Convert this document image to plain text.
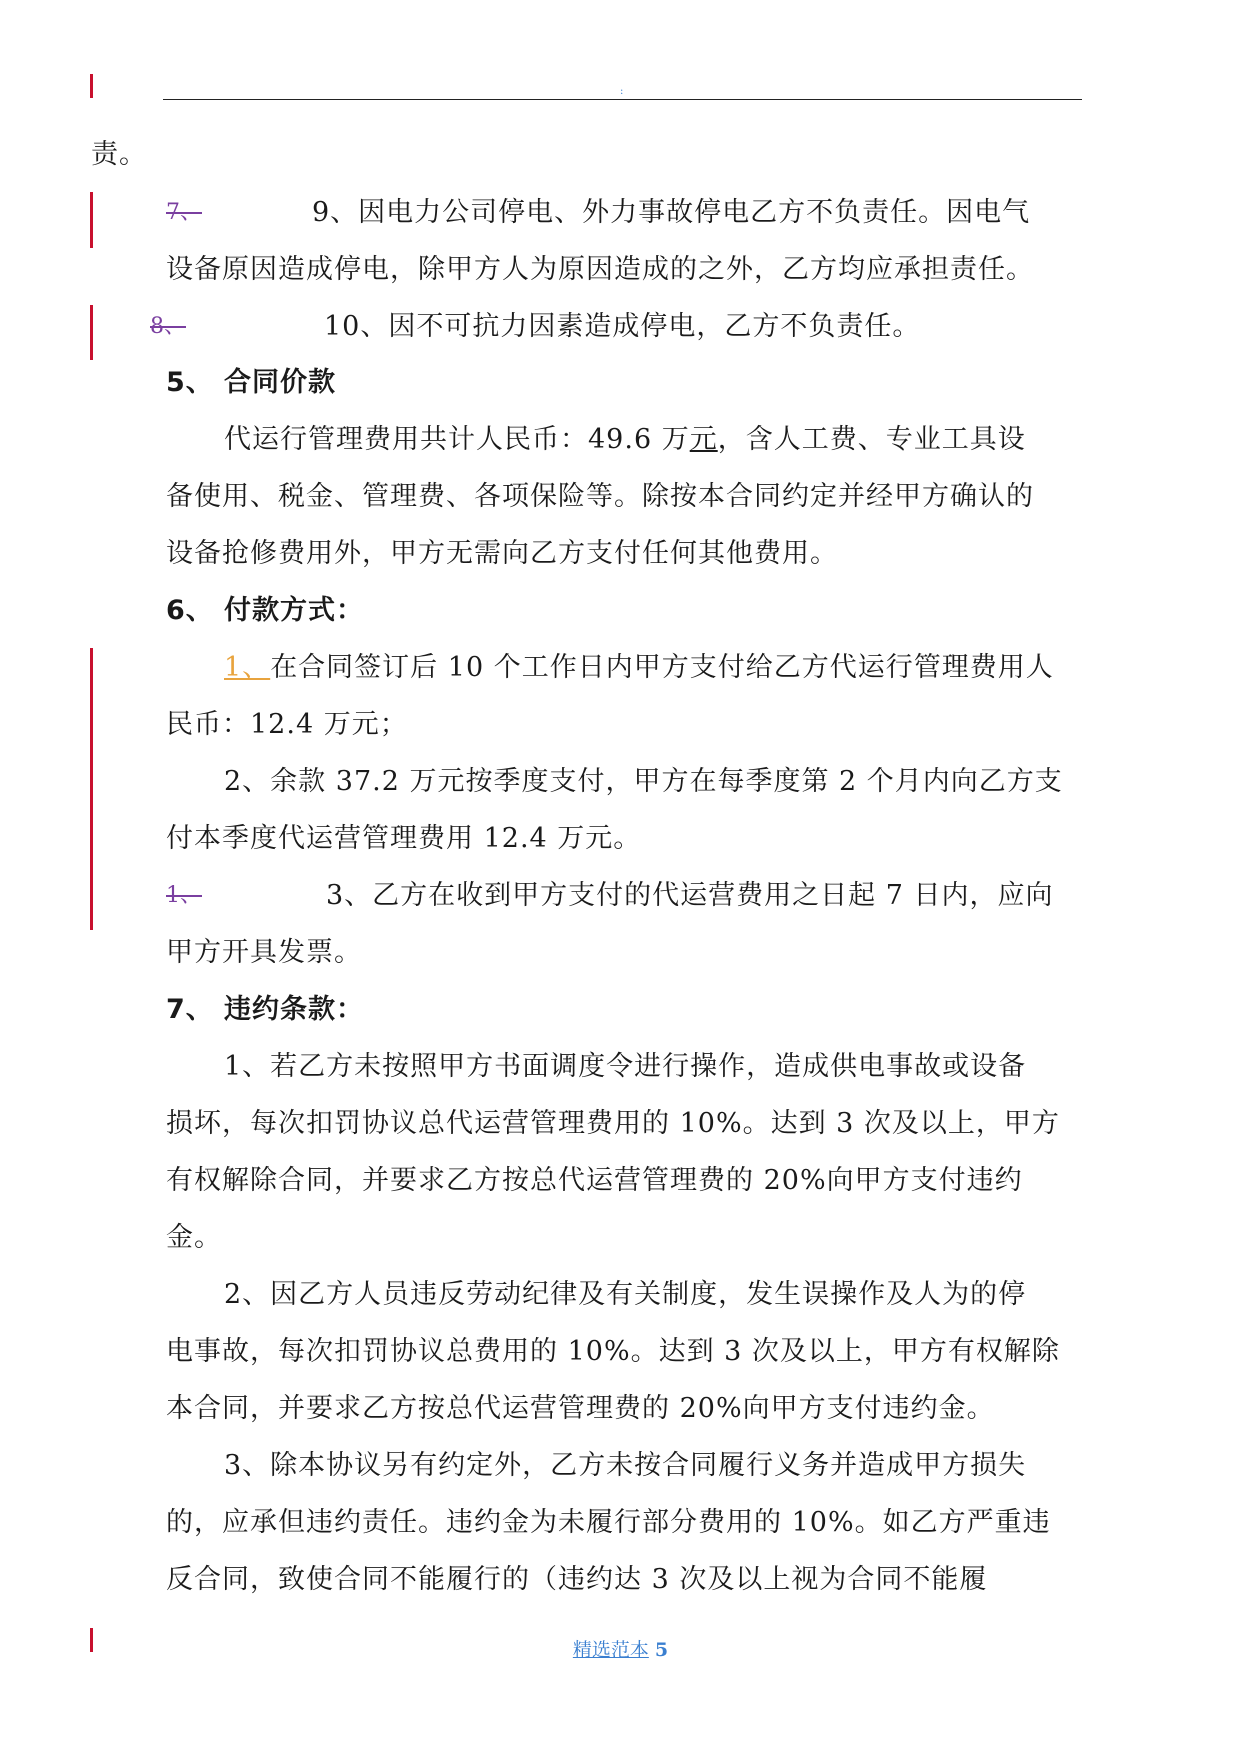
:
责。
7、	9、因电力公司停电、外力事故停电乙方不负责任。因电气
设备原因造成停电，除甲方人为原因造成的之外，乙方均应承担责任。
8、	10、因不可抗力因素造成停电，乙方不负责任。
5、 合同价款
代运行管理费用共计人民币：49.6 万元，含人工费、专业工具设
备使用、税金、管理费、各项保险等。除按本合同约定并经甲方确认的
设备抢修费用外，甲方无需向乙方支付任何其他费用。
6、 付款方式：
1、在合同签订后 10 个工作日内甲方支付给乙方代运行管理费用人
民币：12.4 万元；
2、余款 37.2 万元按季度支付，甲方在每季度第 2 个月内向乙方支
付本季度代运营管理费用 12.4 万元。
1、	3、乙方在收到甲方支付的代运营费用之日起 7 日内，应向
甲方开具发票。
7、 违约条款：
1、若乙方未按照甲方书面调度令进行操作，造成供电事故或设备
损坏，每次扣罚协议总代运营管理费用的 10%。达到 3 次及以上，甲方
有权解除合同，并要求乙方按总代运营管理费的 20%向甲方支付违约
金。
2、因乙方人员违反劳动纪律及有关制度，发生误操作及人为的停
电事故，每次扣罚协议总费用的 10%。达到 3 次及以上，甲方有权解除
本合同，并要求乙方按总代运营管理费的 20%向甲方支付违约金。
3、除本协议另有约定外，乙方未按合同履行义务并造成甲方损失
的，应承但违约责任。违约金为未履行部分费用的 10%。如乙方严重违
反合同，致使合同不能履行的（违约达 3 次及以上视为合同不能履
精选范本 5
